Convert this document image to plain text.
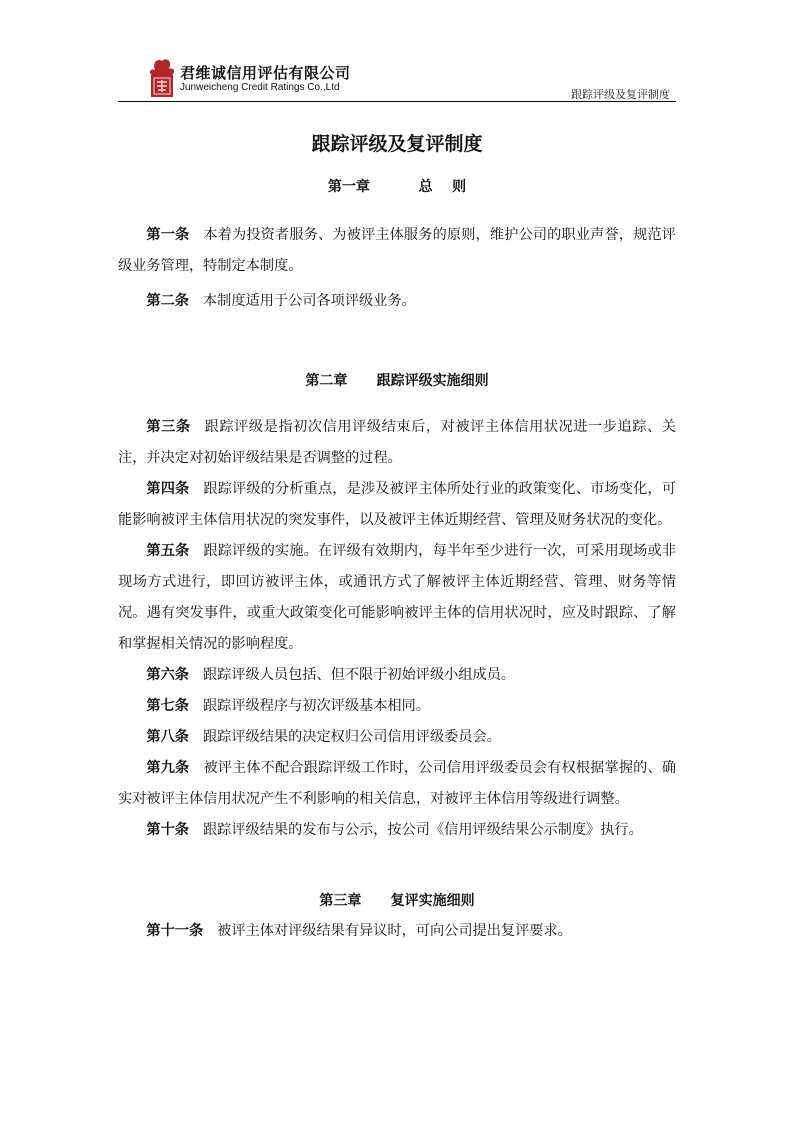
君维诚信用评估有限公司
Junweicheng Credit Ratings Co.,Ltd
跟踪评级及复评制度
跟踪评级及复评制度
第一章          总    则

第一条 本着为投资者服务、为被评主体服务的原则，维护公司的职业声誉，规范评级业务管理，特制定本制度。

第二条 本制度适用于公司各项评级业务。

第二章      跟踪评级实施细则

第三条 跟踪评级是指初次信用评级结束后，对被评主体信用状况进一步追踪、关注，并决定对初始评级结果是否调整的过程。

第四条 跟踪评级的分析重点，是涉及被评主体所处行业的政策变化、市场变化，可能影响被评主体信用状况的突发事件，以及被评主体近期经营、管理及财务状况的变化。

第五条 跟踪评级的实施。在评级有效期内，每半年至少进行一次，可采用现场或非现场方式进行，即回访被评主体，或通讯方式了解被评主体近期经营、管理、财务等情况。遇有突发事件，或重大政策变化可能影响被评主体的信用状况时，应及时跟踪、了解和掌握相关情况的影响程度。

第六条 跟踪评级人员包括、但不限于初始评级小组成员。

第七条 跟踪评级程序与初次评级基本相同。

第八条 跟踪评级结果的决定权归公司信用评级委员会。

第九条 被评主体不配合跟踪评级工作时，公司信用评级委员会有权根据掌握的、确实对被评主体信用状况产生不利影响的相关信息，对被评主体信用等级进行调整。

第十条 跟踪评级结果的发布与公示，按公司《信用评级结果公示制度》执行。

第三章      复评实施细则

第十一条 被评主体对评级结果有异议时，可向公司提出复评要求。
